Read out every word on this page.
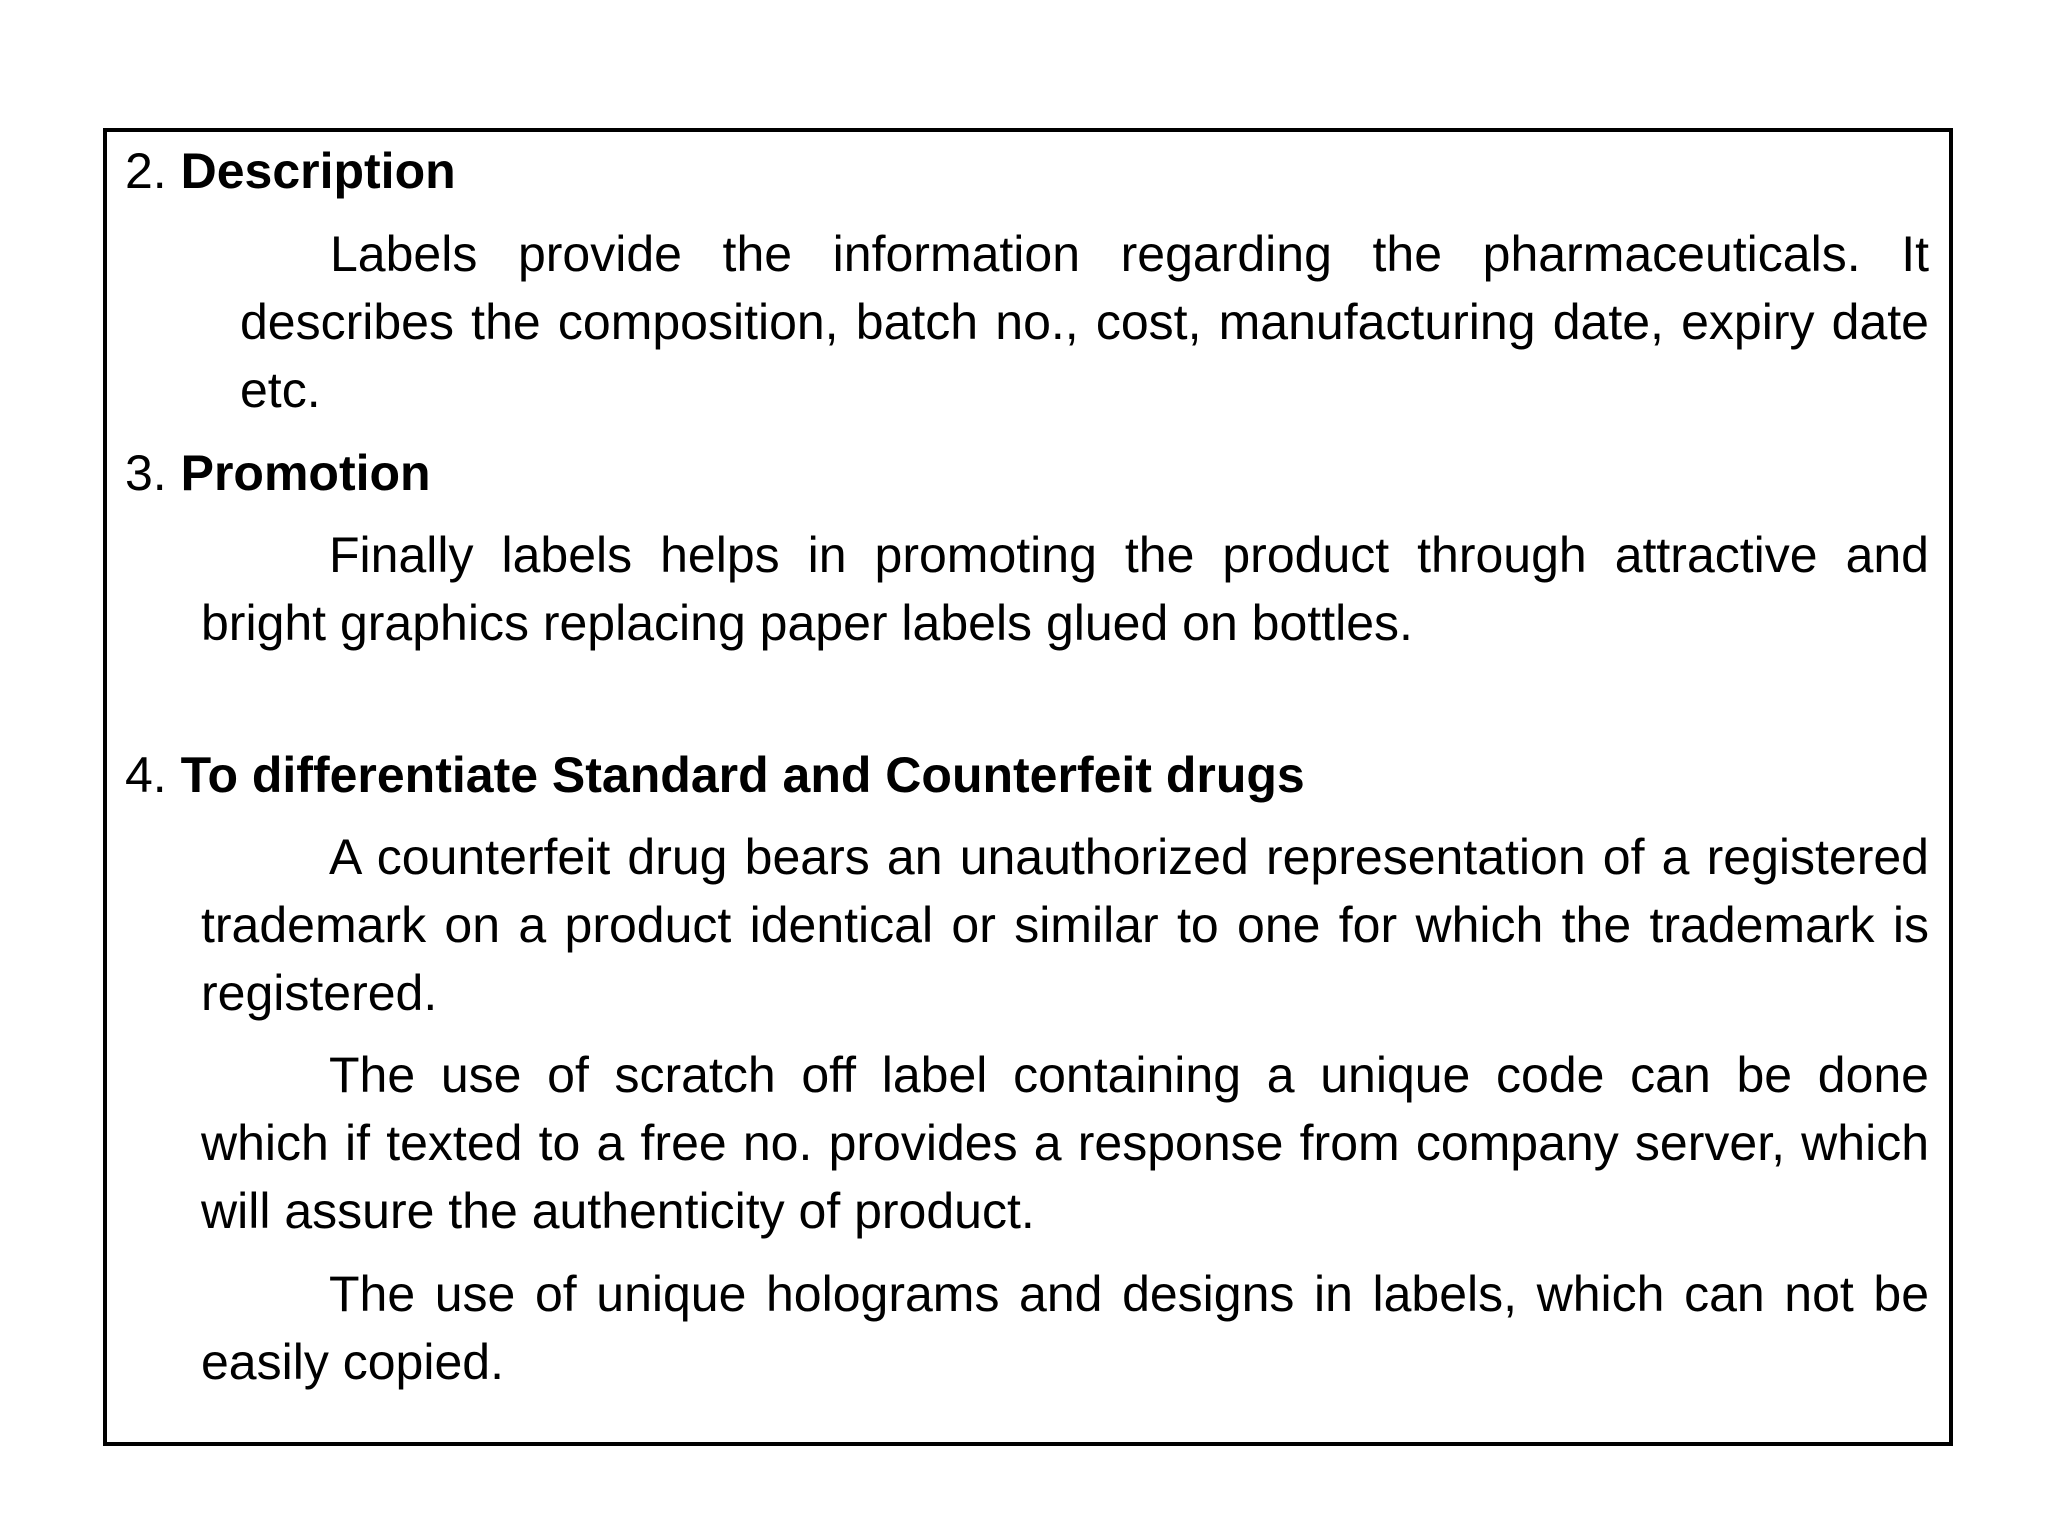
2. Description

Labels provide the information regarding the pharmaceuticals. It describes the composition, batch no., cost, manufacturing date, expiry date etc.

3. Promotion

Finally labels helps in promoting the product through attractive and bright graphics replacing paper labels glued on bottles.

4. To differentiate Standard and Counterfeit drugs

A counterfeit drug bears an unauthorized representation of a registered trademark on a product identical or similar to one for which the trademark is registered.

The use of scratch off label containing a unique code can be done which if texted to a free no. provides a response from company server, which will assure the authenticity of product.

The use of unique holograms and designs in labels, which can not be easily copied.
